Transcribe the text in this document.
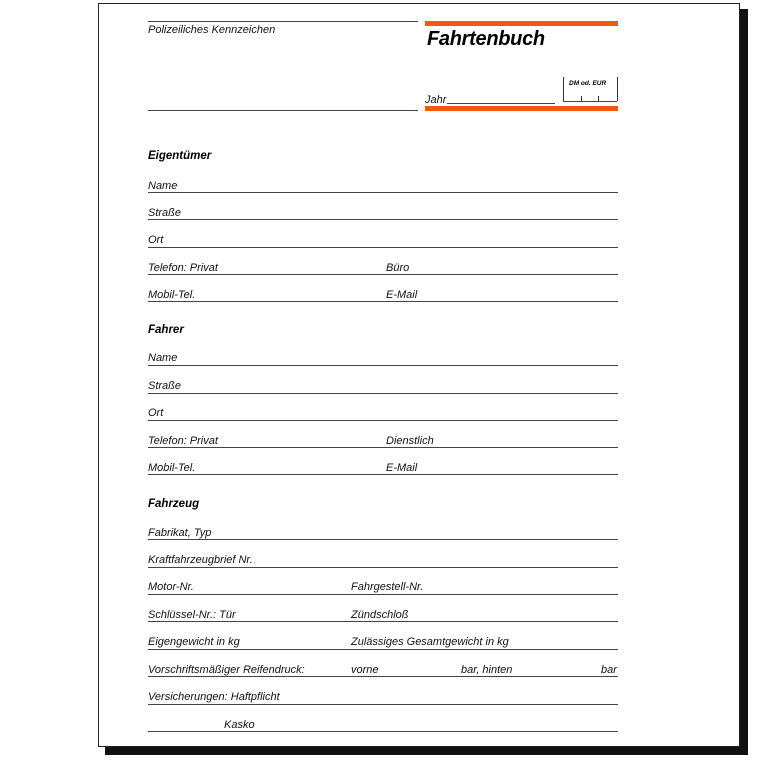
Polizeiliches Kennzeichen	Fahrtenbuch
Jahr
DM od. EUR
Eigentümer
Name
Straße
Ort
Telefon: Privat	Büro
Mobil-Tel.	E-Mail
Fahrer
Name
Straße
Ort
Telefon: Privat	Dienstlich
Mobil-Tel.	E-Mail
Fahrzeug
Fabrikat, Typ
Kraftfahrzeugbrief Nr.
Motor-Nr.	Fahrgestell-Nr.
Schlüssel-Nr.: Tür	Zündschloß
Eigengewicht in kg	Zulässiges Gesamtgewicht in kg
Vorschriftsmäßiger Reifendruck:	vorne	bar, hinten	bar
Versicherungen: Haftpflicht
Kasko
